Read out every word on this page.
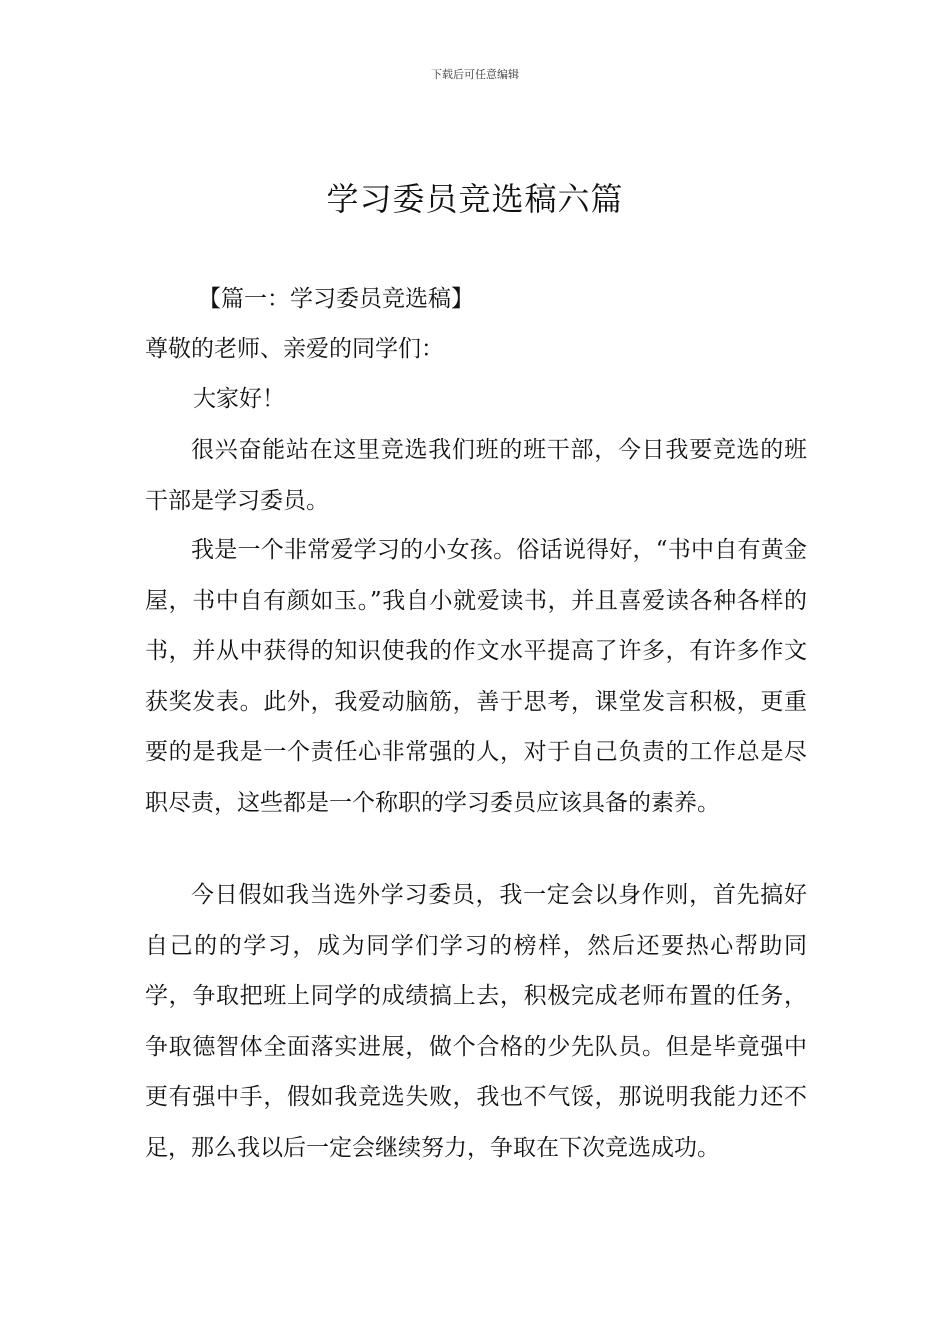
下载后可任意编辑
学习委员竞选稿六篇
【篇一：学习委员竞选稿】
尊敬的老师、亲爱的同学们：
大家好！

很兴奋能站在这里竞选我们班的班干部，今日我要竞选的班干部是学习委员。

我是一个非常爱学习的小女孩。俗话说得好，“书中自有黄金屋，书中自有颜如玉。”我自小就爱读书，并且喜爱读各种各样的书，并从中获得的知识使我的作文水平提高了许多，有许多作文获奖发表。此外，我爱动脑筋，善于思考，课堂发言积极，更重要的是我是一个责任心非常强的人，对于自己负责的工作总是尽职尽责，这些都是一个称职的学习委员应该具备的素养。

今日假如我当选外学习委员，我一定会以身作则，首先搞好自己的的学习，成为同学们学习的榜样，然后还要热心帮助同学，争取把班上同学的成绩搞上去，积极完成老师布置的任务，争取德智体全面落实进展，做个合格的少先队员。但是毕竟强中更有强中手，假如我竞选失败，我也不气馁，那说明我能力还不足，那么我以后一定会继续努力，争取在下次竞选成功。
